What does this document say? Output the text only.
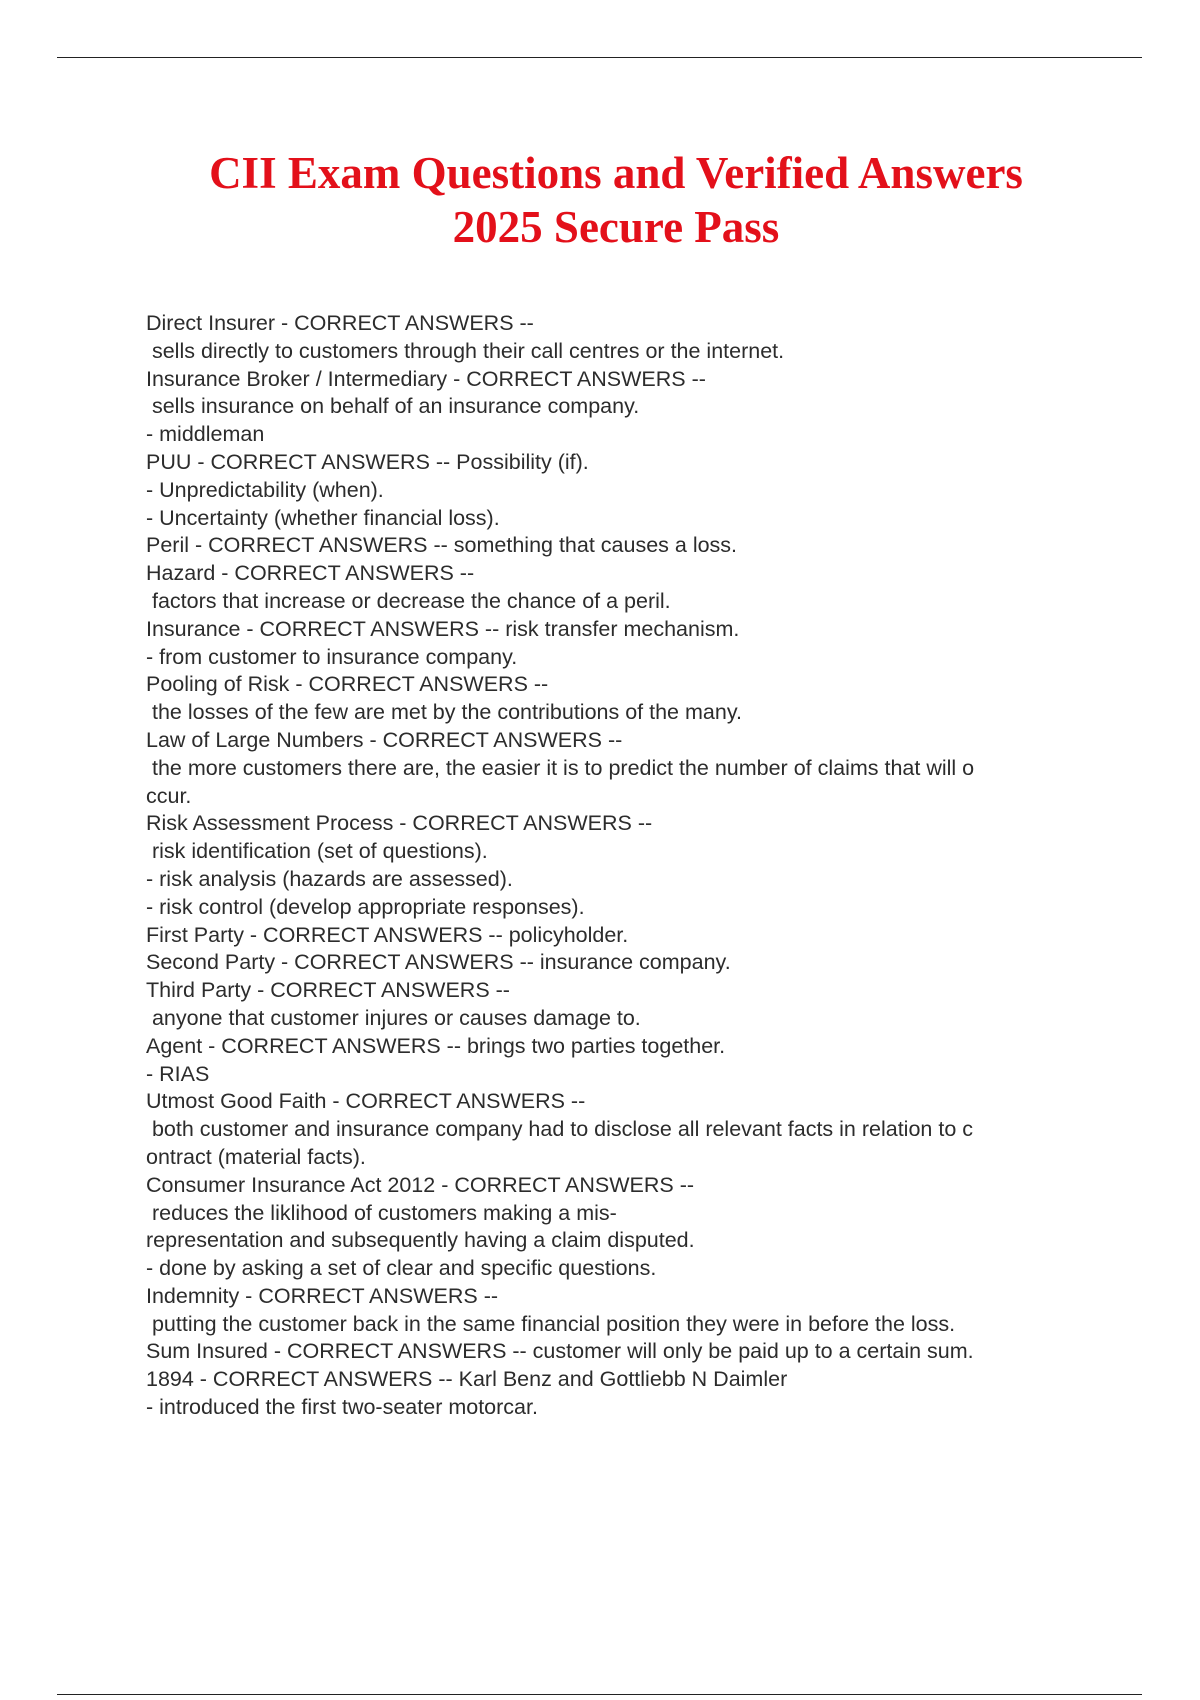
CII Exam Questions and Verified Answers
2025 Secure Pass
Direct Insurer - CORRECT ANSWERS --
sells directly to customers through their call centres or the internet.
Insurance Broker / Intermediary - CORRECT ANSWERS --
sells insurance on behalf of an insurance company.
- middleman
PUU - CORRECT ANSWERS -- Possibility (if).
- Unpredictability (when).
- Uncertainty (whether financial loss).
Peril - CORRECT ANSWERS -- something that causes a loss.
Hazard - CORRECT ANSWERS --
factors that increase or decrease the chance of a peril.
Insurance - CORRECT ANSWERS -- risk transfer mechanism.
- from customer to insurance company.
Pooling of Risk - CORRECT ANSWERS --
the losses of the few are met by the contributions of the many.
Law of Large Numbers - CORRECT ANSWERS --
the more customers there are, the easier it is to predict the number of claims that will o
ccur.
Risk Assessment Process - CORRECT ANSWERS --
risk identification (set of questions).
- risk analysis (hazards are assessed).
- risk control (develop appropriate responses).
First Party - CORRECT ANSWERS -- policyholder.
Second Party - CORRECT ANSWERS -- insurance company.
Third Party - CORRECT ANSWERS --
anyone that customer injures or causes damage to.
Agent - CORRECT ANSWERS -- brings two parties together.
- RIAS
Utmost Good Faith - CORRECT ANSWERS --
both customer and insurance company had to disclose all relevant facts in relation to c
ontract (material facts).
Consumer Insurance Act 2012 - CORRECT ANSWERS --
reduces the liklihood of customers making a mis-
representation and subsequently having a claim disputed.
- done by asking a set of clear and specific questions.
Indemnity - CORRECT ANSWERS --
putting the customer back in the same financial position they were in before the loss.
Sum Insured - CORRECT ANSWERS -- customer will only be paid up to a certain sum.
1894 - CORRECT ANSWERS -- Karl Benz and Gottliebb N Daimler
- introduced the first two-seater motorcar.
